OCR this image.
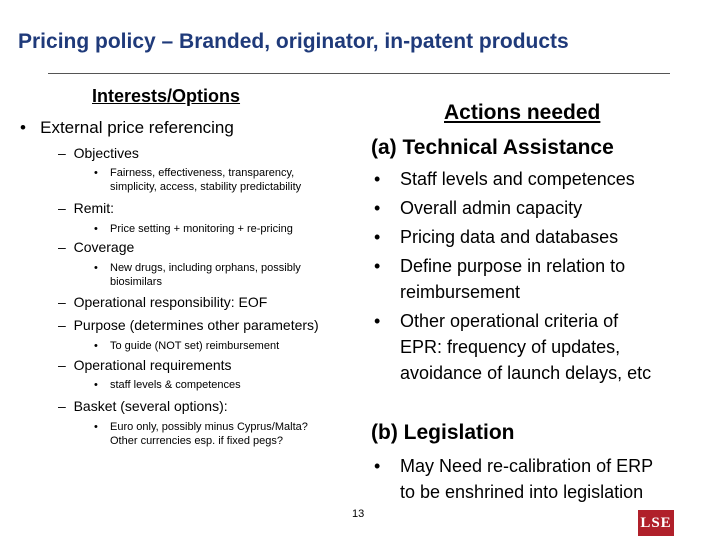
Pricing policy – Branded, originator, in-patent products
Interests/Options
• External price referencing
– Objectives
• Fairness, effectiveness, transparency,
simplicity, access, stability predictability
– Remit:
• Price setting + monitoring + re-pricing
– Coverage
• New drugs, including orphans, possibly
biosimilars
– Operational responsibility: EOF
– Purpose (determines other parameters)
• To guide (NOT set) reimbursement
– Operational requirements
• staff levels & competences
– Basket (several options):
• Euro only, possibly minus Cyprus/Malta?
Other currencies esp. if fixed pegs?
Actions needed
(a) Technical Assistance
• Staff levels and competences
• Overall admin capacity
• Pricing data and databases
• Define purpose in relation to
reimbursement
• Other operational criteria of
EPR: frequency of updates,
avoidance of launch delays, etc
(b) Legislation
• May Need re-calibration of ERP
to be enshrined into legislation
13
LSE
